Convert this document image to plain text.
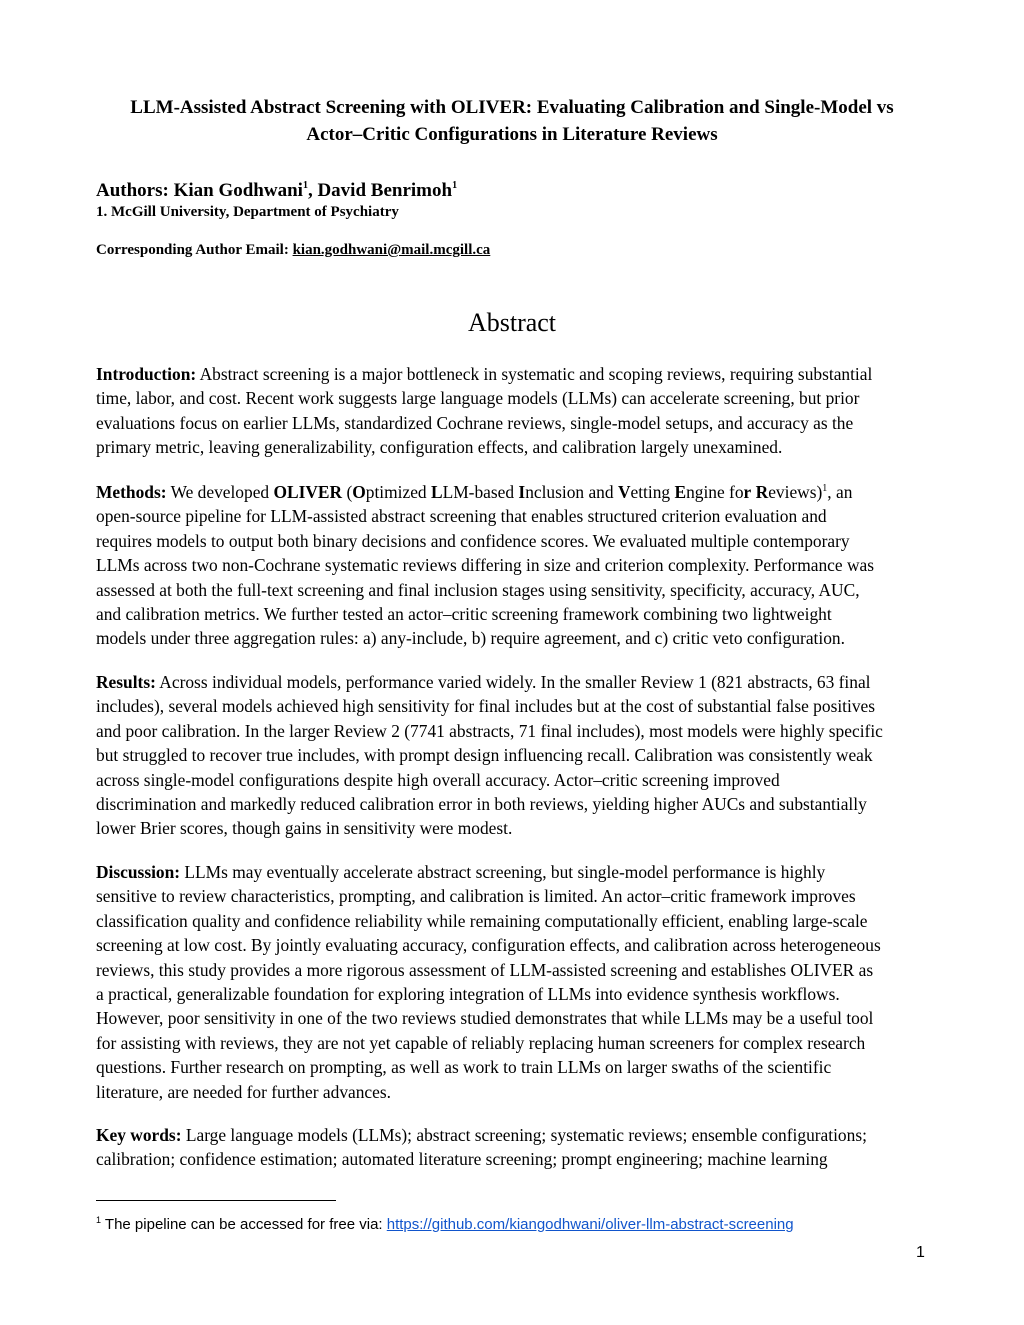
LLM-Assisted Abstract Screening with OLIVER: Evaluating Calibration and Single-Model vs
Actor–Critic Configurations in Literature Reviews
Authors: Kian Godhwani$^1$, David Benrimoh$^1$
1. McGill University, Department of Psychiatry
Corresponding Author Email: kian.godhwani@mail.mcgill.ca
Abstract
Introduction: Abstract screening is a major bottleneck in systematic and scoping reviews, requiring substantial
time, labor, and cost. Recent work suggests large language models (LLMs) can accelerate screening, but prior
evaluations focus on earlier LLMs, standardized Cochrane reviews, single-model setups, and accuracy as the
primary metric, leaving generalizability, configuration effects, and calibration largely unexamined.
Methods: We developed OLIVER (Optimized LLM-based Inclusion and Vetting Engine for Reviews)$^1$, an
open-source pipeline for LLM-assisted abstract screening that enables structured criterion evaluation and
requires models to output both binary decisions and confidence scores. We evaluated multiple contemporary
LLMs across two non-Cochrane systematic reviews differing in size and criterion complexity. Performance was
assessed at both the full-text screening and final inclusion stages using sensitivity, specificity, accuracy, AUC,
and calibration metrics. We further tested an actor–critic screening framework combining two lightweight
models under three aggregation rules: a) any-include, b) require agreement, and c) critic veto configuration.
Results: Across individual models, performance varied widely. In the smaller Review 1 (821 abstracts, 63 final
includes), several models achieved high sensitivity for final includes but at the cost of substantial false positives
and poor calibration. In the larger Review 2 (7741 abstracts, 71 final includes), most models were highly specific
but struggled to recover true includes, with prompt design influencing recall. Calibration was consistently weak
across single-model configurations despite high overall accuracy. Actor–critic screening improved
discrimination and markedly reduced calibration error in both reviews, yielding higher AUCs and substantially
lower Brier scores, though gains in sensitivity were modest.
Discussion: LLMs may eventually accelerate abstract screening, but single-model performance is highly
sensitive to review characteristics, prompting, and calibration is limited. An actor–critic framework improves
classification quality and confidence reliability while remaining computationally efficient, enabling large-scale
screening at low cost. By jointly evaluating accuracy, configuration effects, and calibration across heterogeneous
reviews, this study provides a more rigorous assessment of LLM-assisted screening and establishes OLIVER as
a practical, generalizable foundation for exploring integration of LLMs into evidence synthesis workflows.
However, poor sensitivity in one of the two reviews studied demonstrates that while LLMs may be a useful tool
for assisting with reviews, they are not yet capable of reliably replacing human screeners for complex research
questions. Further research on prompting, as well as work to train LLMs on larger swaths of the scientific
literature, are needed for further advances.
Key words: Large language models (LLMs); abstract screening; systematic reviews; ensemble configurations;
calibration; confidence estimation; automated literature screening; prompt engineering; machine learning
$^1$ The pipeline can be accessed for free via: https://github.com/kiangodhwani/oliver-llm-abstract-screening
1
